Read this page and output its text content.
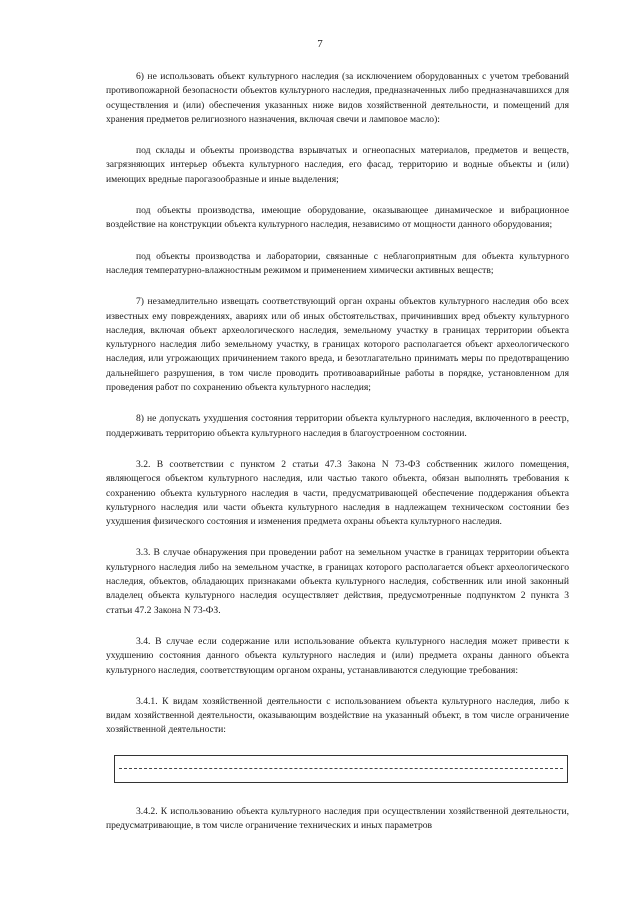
7

6) не использовать объект культурного наследия (за исключением оборудованных с учетом требований противопожарной безопасности объектов культурного наследия, предназначенных либо предназначавшихся для осуществления и (или) обеспечения указанных ниже видов хозяйственной деятельности, и помещений для хранения предметов религиозного назначения, включая свечи и ламповое масло):

под склады и объекты производства взрывчатых и огнеопасных материалов, предметов и веществ, загрязняющих интерьер объекта культурного наследия, его фасад, территорию и водные объекты и (или) имеющих вредные парогазообразные и иные выделения;

под объекты производства, имеющие оборудование, оказывающее динамическое и вибрационное воздействие на конструкции объекта культурного наследия, независимо от мощности данного оборудования;

под объекты производства и лаборатории, связанные с неблагоприятным для объекта культурного наследия температурно-влажностным режимом и применением химически активных веществ;

7) незамедлительно извещать соответствующий орган охраны объектов культурного наследия обо всех известных ему повреждениях, авариях или об иных обстоятельствах, причинивших вред объекту культурного наследия, включая объект археологического наследия, земельному участку в границах территории объекта культурного наследия либо земельному участку, в границах которого располагается объект археологического наследия, или угрожающих причинением такого вреда, и безотлагательно принимать меры по предотвращению дальнейшего разрушения, в том числе проводить противоаварийные работы в порядке, установленном для проведения работ по сохранению объекта культурного наследия;

8) не допускать ухудшения состояния территории объекта культурного наследия, включенного в реестр, поддерживать территорию объекта культурного наследия в благоустроенном состоянии.

3.2. В соответствии с пунктом 2 статьи 47.3 Закона N 73-ФЗ собственник жилого помещения, являющегося объектом культурного наследия, или частью такого объекта, обязан выполнять требования к сохранению объекта культурного наследия в части, предусматривающей обеспечение поддержания объекта культурного наследия или части объекта культурного наследия в надлежащем техническом состоянии без ухудшения физического состояния и изменения предмета охраны объекта культурного наследия.

3.3. В случае обнаружения при проведении работ на земельном участке в границах территории объекта культурного наследия либо на земельном участке, в границах которого располагается объект археологического наследия, объектов, обладающих признаками объекта культурного наследия, собственник или иной законный владелец объекта культурного наследия осуществляет действия, предусмотренные подпунктом 2 пункта 3 статьи 47.2 Закона N 73-ФЗ.

3.4. В случае если содержание или использование объекта культурного наследия может привести к ухудшению состояния данного объекта культурного наследия и (или) предмета охраны данного объекта культурного наследия, соответствующим органом охраны, устанавливаются следующие требования:

3.4.1. К видам хозяйственной деятельности с использованием объекта культурного наследия, либо к видам хозяйственной деятельности, оказывающим воздействие на указанный объект, в том числе ограничение хозяйственной деятельности:

3.4.2. К использованию объекта культурного наследия при осуществлении хозяйственной деятельности, предусматривающие, в том числе ограничение технических и иных параметров
